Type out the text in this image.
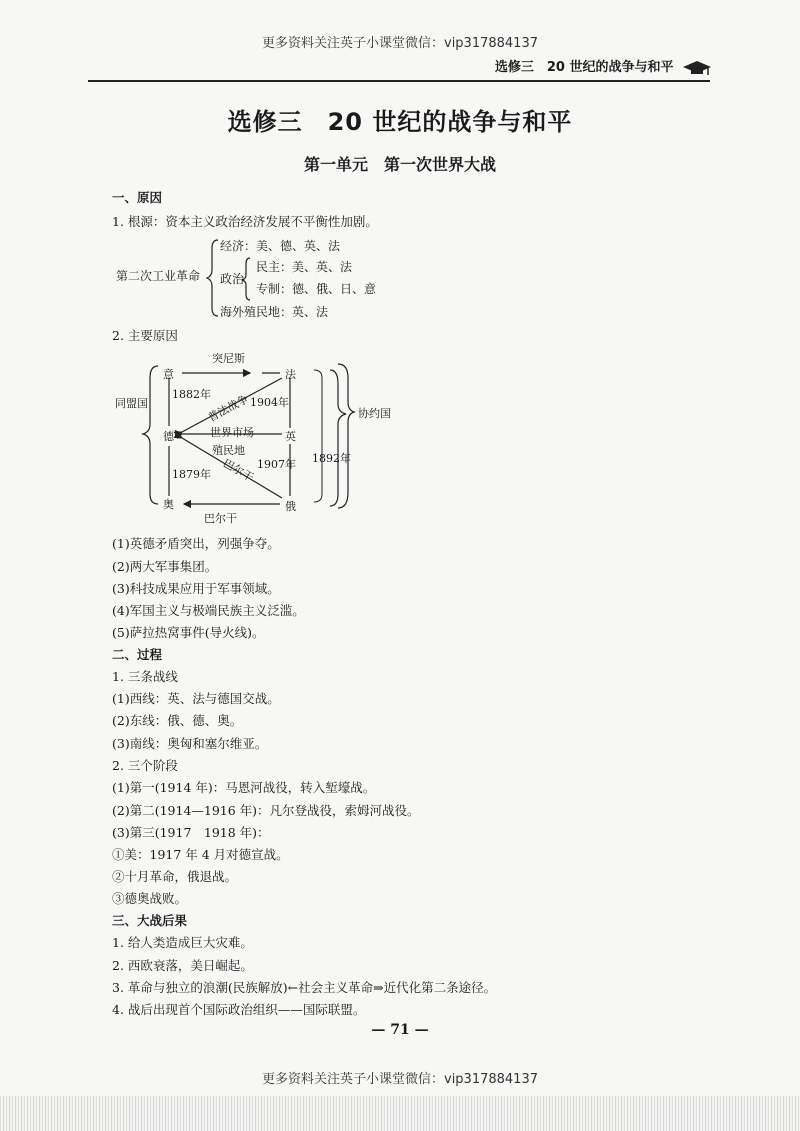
更多资料关注英子小课堂微信：vip317884137
选修三　20 世纪的战争与和平
选修三　20 世纪的战争与和平
第一单元　第一次世界大战
一、原因
1. 根源：资本主义政治经济发展不平衡性加剧。
第二次工业革命
经济：美、德、英、法
政治
民主：美、英、法
专制：德、俄、日、意
海外殖民地：英、法
2. 主要原因
同盟国
协约国
意	法
德	英
奥	俄
突尼斯
1882年
1904年
普法战争
世界市场
殖民地
1907年 1892年
1879年 巴尔干
巴尔干
(1)英德矛盾突出，列强争夺。
(2)两大军事集团。
(3)科技成果应用于军事领域。
(4)军国主义与极端民族主义泛滥。
(5)萨拉热窝事件(导火线)。
二、过程
1. 三条战线
(1)西线：英、法与德国交战。
(2)东线：俄、德、奥。
(3)南线：奥匈和塞尔维亚。
2. 三个阶段
(1)第一(1914 年)：马恩河战役，转入堑壕战。
(2)第二(1914—1916 年)：凡尔登战役，索姆河战役。
(3)第三(1917　1918 年)：
①美：1917 年 4 月对德宣战。
②十月革命，俄退战。
③德奥战败。
三、大战后果
1. 给人类造成巨大灾难。
2. 西欧衰落，美日崛起。
3. 革命与独立的浪潮(民族解放)←社会主义革命⇒近代化第二条途径。
4. 战后出现首个国际政治组织——国际联盟。
— 71 —
更多资料关注英子小课堂微信：vip317884137
